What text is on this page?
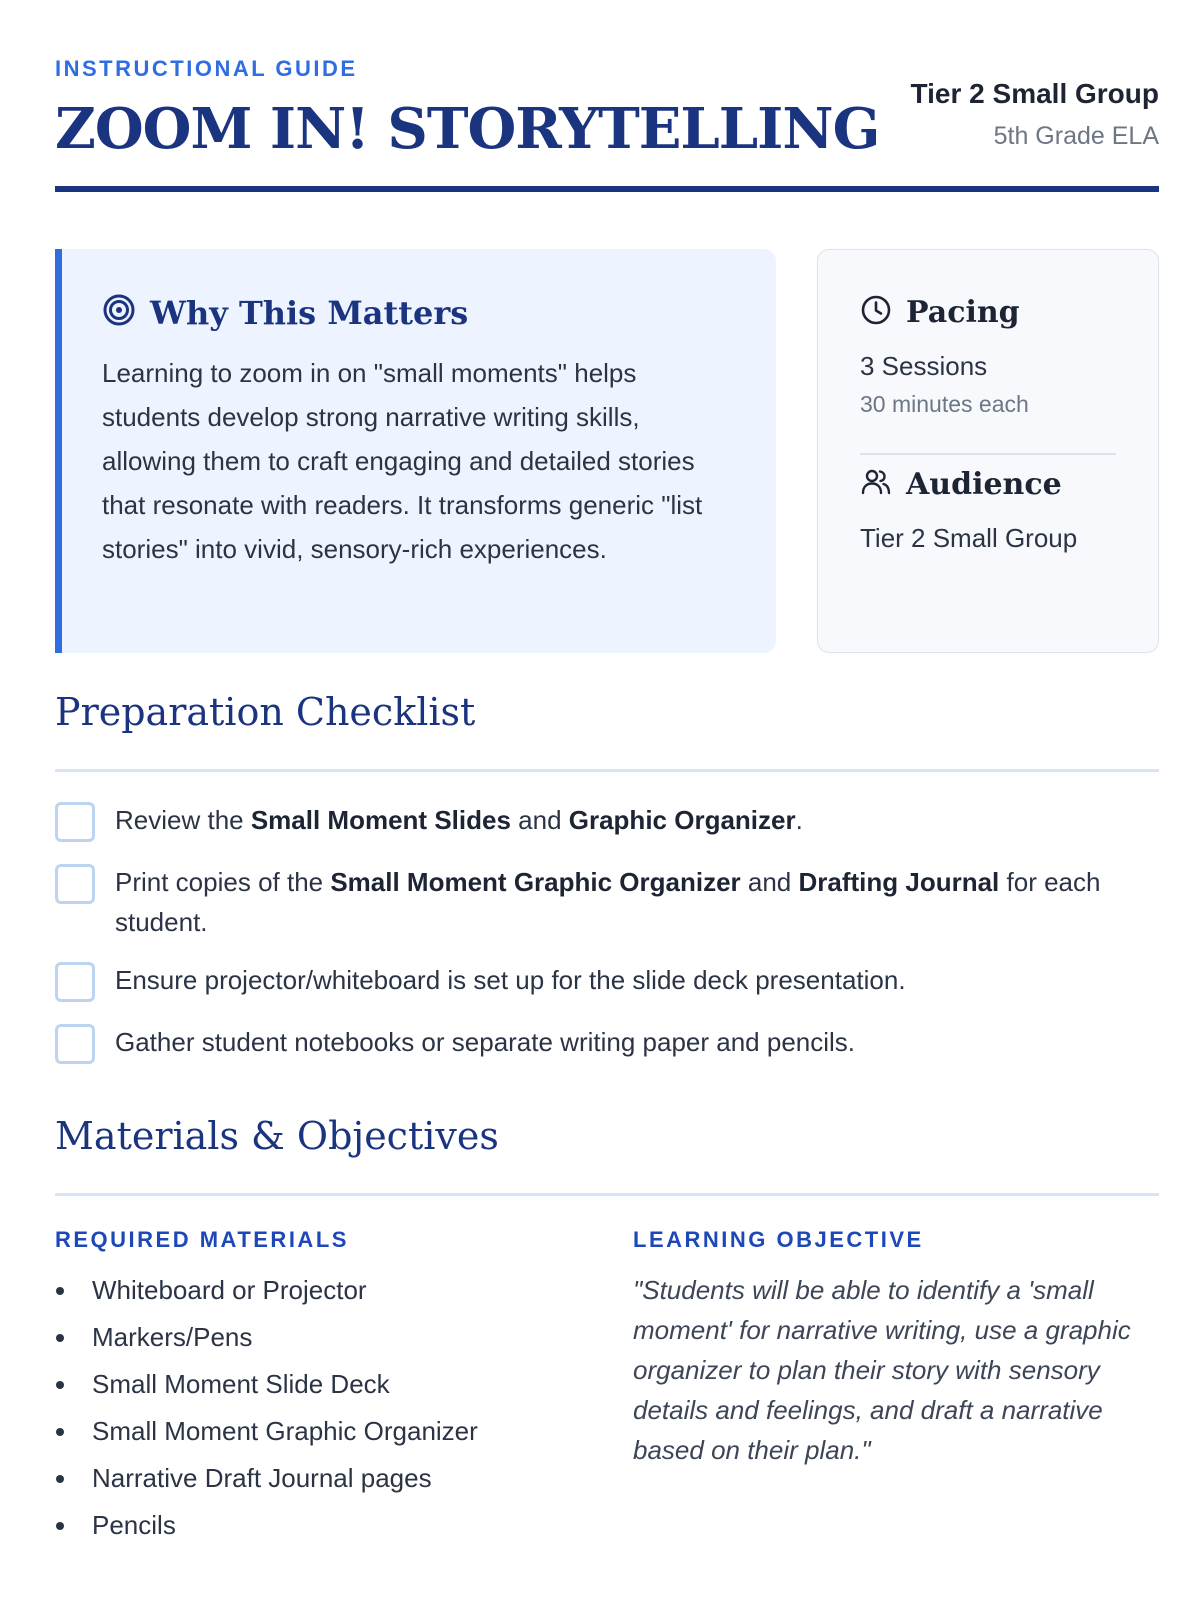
INSTRUCTIONAL GUIDE
ZOOM IN! STORYTELLING
Tier 2 Small Group
5th Grade ELA
Why This Matters
Learning to zoom in on "small moments" helps students develop strong narrative writing skills, allowing them to craft engaging and detailed stories that resonate with readers. It transforms generic "list stories" into vivid, sensory-rich experiences.
Pacing
3 Sessions
30 minutes each
Audience
Tier 2 Small Group
Preparation Checklist
Review the Small Moment Slides and Graphic Organizer.
Print copies of the Small Moment Graphic Organizer and Drafting Journal for each student.
Ensure projector/whiteboard is set up for the slide deck presentation.
Gather student notebooks or separate writing paper and pencils.
Materials & Objectives
REQUIRED MATERIALS
Whiteboard or Projector
Markers/Pens
Small Moment Slide Deck
Small Moment Graphic Organizer
Narrative Draft Journal pages
Pencils
LEARNING OBJECTIVE
"Students will be able to identify a 'small moment' for narrative writing, use a graphic organizer to plan their story with sensory details and feelings, and draft a narrative based on their plan."
